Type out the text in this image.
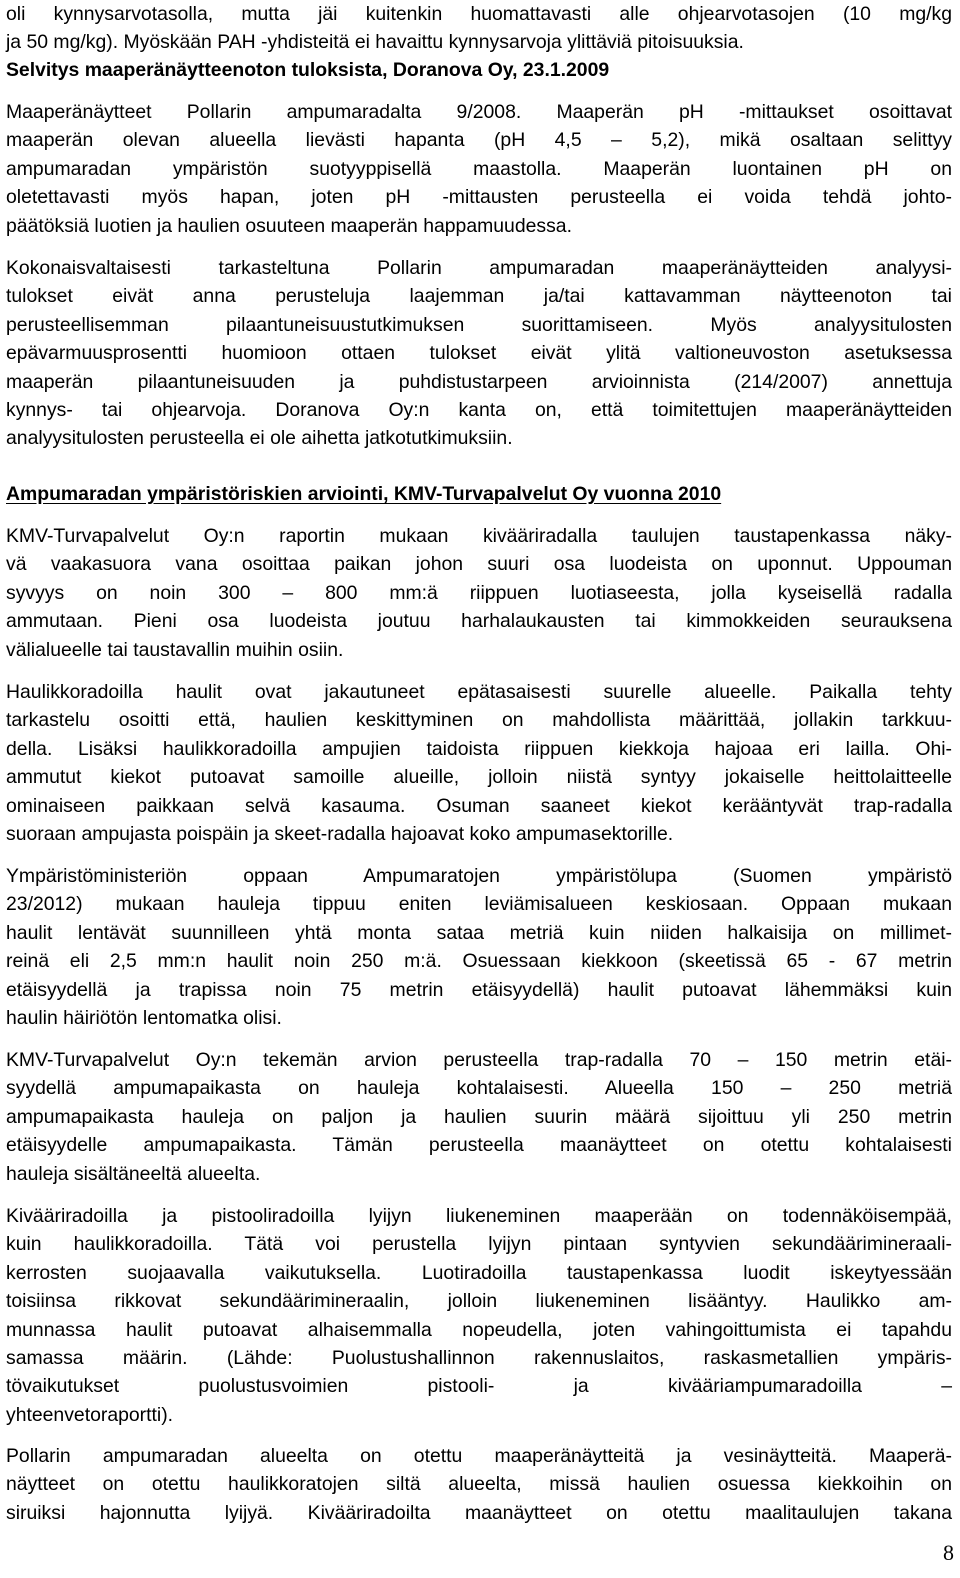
oli kynnysarvotasolla, mutta jäi kuitenkin huomattavasti alle ohjearvotasojen (10 mg/kg
ja 50 mg/kg). Myöskään PAH -yhdisteitä ei havaittu kynnysarvoja ylittäviä pitoisuuksia.
Selvitys maaperänäytteenoton tuloksista, Doranova Oy, 23.1.2009
Maaperänäytteet Pollarin ampumaradalta 9/2008. Maaperän pH -mittaukset osoittavat
maaperän olevan alueella lievästi hapanta (pH 4,5 – 5,2), mikä osaltaan selittyy
ampumaradan ympäristön suotyyppisellä maastolla. Maaperän luontainen pH on
oletettavasti myös hapan, joten pH -mittausten perusteella ei voida tehdä johto-
päätöksiä luotien ja haulien osuuteen maaperän happamuudessa.
Kokonaisvaltaisesti tarkasteltuna Pollarin ampumaradan maaperänäytteiden analyysi-
tulokset eivät anna perusteluja laajemman ja/tai kattavamman näytteenoton tai
perusteellisemman pilaantuneisuustutkimuksen suorittamiseen. Myös analyysitulosten
epävarmuusprosentti huomioon ottaen tulokset eivät ylitä valtioneuvoston asetuksessa
maaperän pilaantuneisuuden ja puhdistustarpeen arvioinnista (214/2007) annettuja
kynnys- tai ohjearvoja. Doranova Oy:n kanta on, että toimitettujen maaperänäytteiden
analyysitulosten perusteella ei ole aihetta jatkotutkimuksiin.
Ampumaradan ympäristöriskien arviointi, KMV-Turvapalvelut Oy vuonna 2010
KMV-Turvapalvelut Oy:n raportin mukaan kivääriradalla taulujen taustapenkassa näky-
vä vaakasuora vana osoittaa paikan johon suuri osa luodeista on uponnut. Uppouman
syvyys on noin 300 – 800 mm:ä riippuen luotiaseesta, jolla kyseisellä radalla
ammutaan. Pieni osa luodeista joutuu harhalaukausten tai kimmokkeiden seurauksena
välialueelle tai taustavallin muihin osiin.
Haulikkoradoilla haulit ovat jakautuneet epätasaisesti suurelle alueelle. Paikalla tehty
tarkastelu osoitti että, haulien keskittyminen on mahdollista määrittää, jollakin tarkkuu-
della. Lisäksi haulikkoradoilla ampujien taidoista riippuen kiekkoja hajoaa eri lailla. Ohi-
ammutut kiekot putoavat samoille alueille, jolloin niistä syntyy jokaiselle heittolaitteelle
ominaiseen paikkaan selvä kasauma. Osuman saaneet kiekot kerääntyvät trap-radalla
suoraan ampujasta poispäin ja skeet-radalla hajoavat koko ampumasektorille.
Ympäristöministeriön oppaan Ampumaratojen ympäristölupa (Suomen ympäristö
23/2012) mukaan hauleja tippuu eniten leviämisalueen keskiosaan. Oppaan mukaan
haulit lentävät suunnilleen yhtä monta sataa metriä kuin niiden halkaisija on millimet-
reinä eli 2,5 mm:n haulit noin 250 m:ä. Osuessaan kiekkoon (skeetissä 65 - 67 metrin
etäisyydellä ja trapissa noin 75 metrin etäisyydellä) haulit putoavat lähemmäksi kuin
haulin häiriötön lentomatka olisi.
KMV-Turvapalvelut Oy:n tekemän arvion perusteella trap-radalla 70 – 150 metrin etäi-
syydellä ampumapaikasta on hauleja kohtalaisesti. Alueella 150 – 250 metriä
ampumapaikasta hauleja on paljon ja haulien suurin määrä sijoittuu yli 250 metrin
etäisyydelle ampumapaikasta. Tämän perusteella maanäytteet on otettu kohtalaisesti
hauleja sisältäneeltä alueelta.
Kivääriradoilla ja pistooliradoilla lyijyn liukeneminen maaperään on todennäköisempää,
kuin haulikkoradoilla. Tätä voi perustella lyijyn pintaan syntyvien sekundäärimineraali-
kerrosten suojaavalla vaikutuksella. Luotiradoilla taustapenkassa luodit iskeytyessään
toisiinsa rikkovat sekundäärimineraalin, jolloin liukeneminen lisääntyy. Haulikko am-
munnassa haulit putoavat alhaisemmalla nopeudella, joten vahingoittumista ei tapahdu
samassa määrin. (Lähde: Puolustushallinnon rakennuslaitos, raskasmetallien ympäris-
tövaikutukset puolustusvoimien pistooli- ja kivääriampumaradoilla –
yhteenvetoraportti).
Pollarin ampumaradan alueelta on otettu maaperänäytteitä ja vesinäytteitä. Maaperä-
näytteet on otettu haulikkoratojen siltä alueelta, missä haulien osuessa kiekkoihin on
siruiksi hajonnutta lyijyä. Kivääriradoilta maanäytteet on otettu maalitaulujen takana
8
